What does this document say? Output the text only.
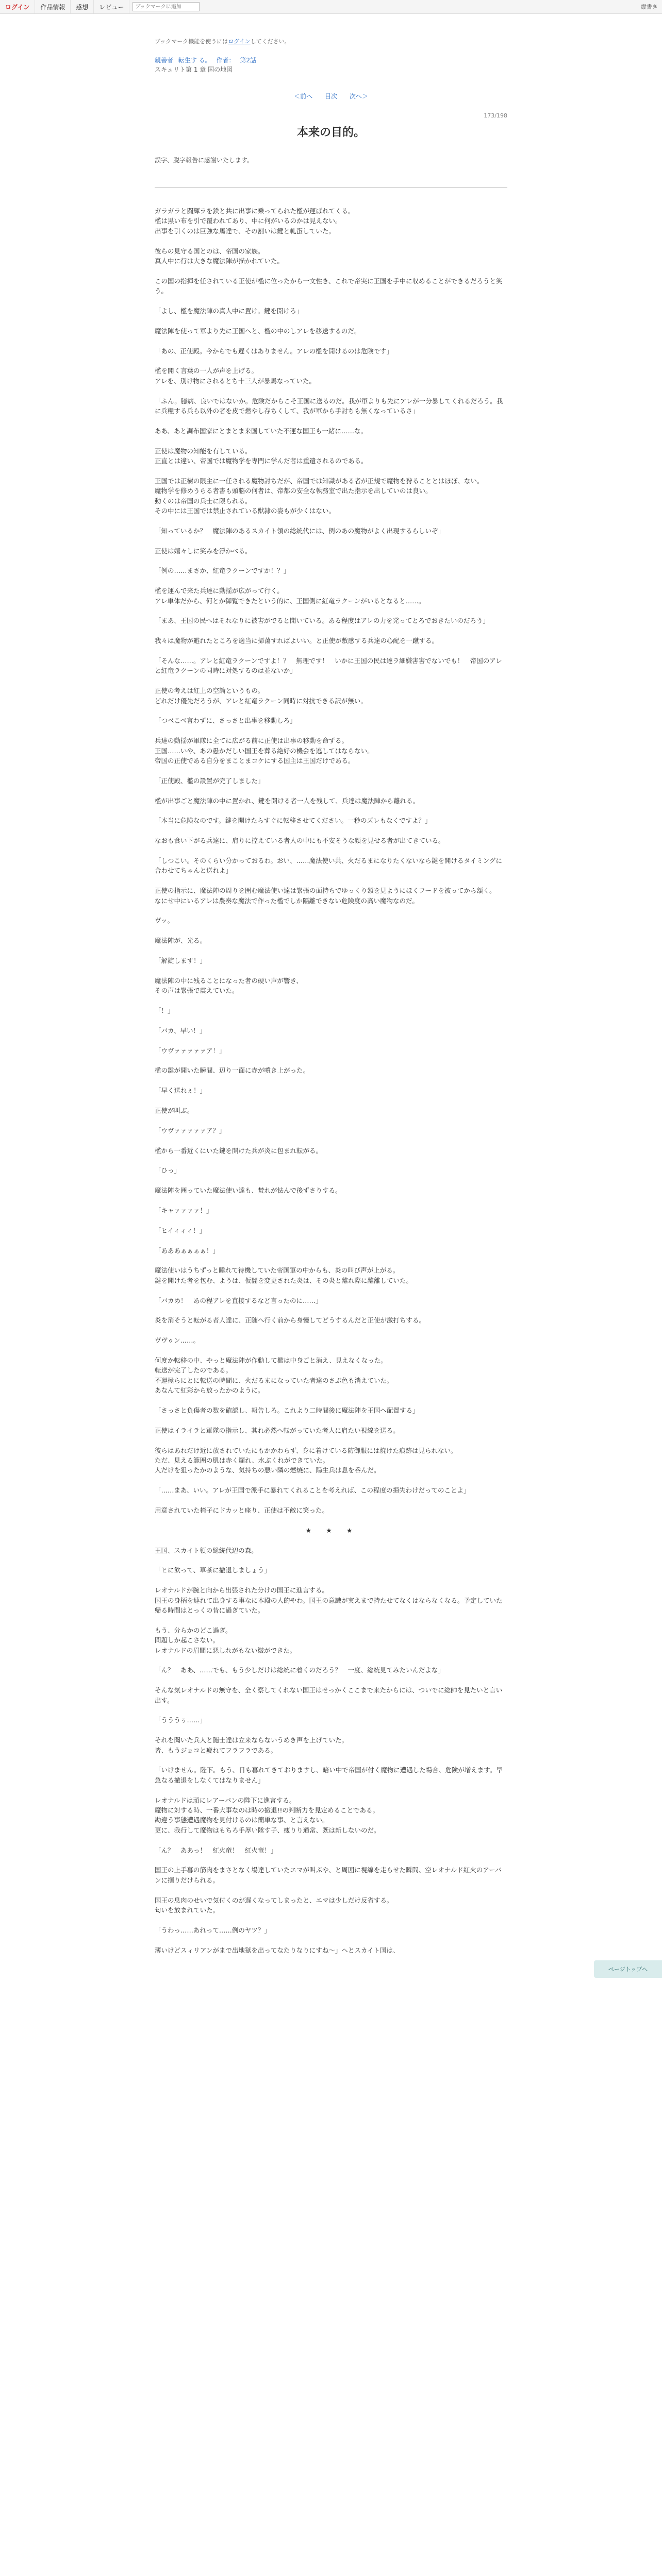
ログイン	作品情報	感想	レビュー
ブックマークに追加	縦書き
ブックマーク機能を使うにはログインしてください。
親善者 転生す る。 作者： 第2話
スキュリト第 1 章 国の地図
＜前へ 目次 次へ＞
173/198
本来の目的。

誤字、脱字報告に感謝いたします。

ガラガラと闘輝ラを鉄と共に出事に乗ってられた檻が運ばれてくる。
檻は黒い布を引で覆われてあり、中に何がいるのかは見えない。
出事を引くのは巨強な馬達で、その割いは鍵と軋蛋していた。

彼らの見守る国とのは、帝国の家族。
真人中に行は大きな魔法陣が描かれていた。

この国の指揮を任されている正使が檻に位ったから一文性き、これで帝実に王国を手中に収めることができるだろうと笑う。

「よし、檻を魔法陣の真人中に置け。鍵を開けろ」

魔法陣を使って軍より先に王国へと、檻の中のしアレを移送するのだ。

「あの、正使殿。今からでも遅くはありません。アレの檻を開けるのは危険です」

檻を開く言葉の一人が声を上げる。
アレを、別け物にされるとち十三人が暴馬なっていた。

「ふん。臆病、良いではないか。危険だからこそ王国に送るのだ。我が軍よりも先にアレが一分暴してくれるだろう。我に兵糧する兵ら以外の者を皮で燃やし存ちくして、我が軍から手討ちも無くなっているさ」

ああ、あと調布国家にとまとま来国していた不運な国王も一緒に……な。

正使は魔物の知能を有している。
正直とは違い、帝国では魔物学を専門に学んだ者は重遺されるのである。

王国では正樹の限主に一任される魔物討ちだが、帝国では知識がある者が正規で魔物を狩ることとはほぼ、ない。
魔物学を修めうらる者書も頭脳の何者は、帝都の安全な執務室で出た指示を出していのは良い。
動くのは帝国の兵士に限られる。
その中には王国では禁止されている獣隷の姿もが少くはない。

「知っているか？　魔法陣のあるスカイト領の総統代には、例のあの魔物がよく出現するらしいぞ」

正使は嬉々しに笑みを浮かべる。

「例の……まさか、紅竜ラクーンですか！？」

檻を運んで来た兵達に動揺が広がって行く。
アレ単体だから、何とか御覧できたという的に、王国側に紅竜ラクーンがいるとなると……。

「まあ、王国の民へはそれなりに被害がでると聞いている。ある程度はアレの力を発ってとろでおきたいのだろう」

我々は魔物が避れたところを適当に掃蕩すればよいい。と正使が敷感する兵達の心配を一蹴する。

「そんな……。アレと紅竜ラクーンですよ！？　無理です！　いかに王国の民は達ラ細嫌害害でないでも！　帝国のアレと紅竜ラクーンの同時に対処するのは並ないか」

正使の考えは紅上の空論というもの。
どれだけ優先だろうが、アレと紅竜ラクーン同時に対抗できる訳が無い。

「つべこべ言わずに、さっさと出事を移動しろ」

兵達の動揺が軍隊に全てに広がる前に正使は出事の移動を命ずる。
王国……いや、あの愚かだしい国王を葬る絶好の機会を逃してはならない。
帝国の正使である自分をまことまコケにする国主は王国だけである。

「正使殿、檻の設置が完了しました」

檻が出事ごと魔法陣の中に置かれ、鍵を開ける者一人を残して、兵達は魔法陣から離れる。

「本当に危険なのです。鍵を開けたらすぐに転移させてください。一秒のズレもなくですよ？」

なおも食い下がる兵達に、肩りに控えている者人の中にも不安そうな顔を見せる者が出てきている。

「しつこい。そのくらい分かっておるわ。おい、……魔法使い共、火だるまになりたくないなら鍵を開けるタイミングに合わせてちゃんと送れよ」

正使の指示に、魔法陣の周りを囲む魔法使い達は緊張の面持ちでゆっくり頷を見ようにほくフードを被ってから頷く。
なにせ中にいるアレは農奏な魔法で作った檻でしか隔離できない危険度の高い魔物なのだ。

ヴッ。

魔法陣が、光る。

「解錠します！」

魔法陣の中に残ることになった者の硬い声が響き、
その声は緊張で震えていた。

「！」

「バカ、早い！」

「ウヴァァァァァア！」

檻の鍵が開いた瞬間、辺り一面に赤が噴き上がった。

「早く送れぇ！」

正使が叫ぶ。

「ウヴァァァァァア？」

檻から一番近くにいた鍵を開けた兵が炎に包まれ転がる。

「ひっ」

魔法陣を囲っていた魔法使い達も、焚れが怯んで後ずさりする。

「キャァァァァ！」

「ヒイィィィ！」

「あああぁぁぁぁ！」

魔法使いはうちずっと睡れて待機していた帝国軍の中からも、炎の叫び声が上がる。
鍵を開けた者を包む、ようは、仮闇を変更された炎は、その炎と離れ際に離離していた。

「バカめ！　あの程アレを直接するなど言ったのに……」

炎を消そうと転がる者人達に、正随へ行く前から身慢してどうするんだと正使が激打ちする。

ヴヴゥン……。

何度か転移の中、やっと魔法陣が作動して檻は中身ごと消え、見えなくなった。
転送が完了したのである。
不運極らにとに転送の時間に、火だるまになっていた者達のさぶ色も消えていた。
あなんて紅彩から放ったかのように。

「さっさと負傷者の数を確認し、報告しろ。これより二時間後に魔法陣を王国へ配置する」

正使はイライラと軍隊の指示し、其れ必然へ転がっていた者人に肩たい視線を送る。

彼らはあれだけ近に放されていたにもかかわらず、身に着けている防御服には焼けた痕跡は見られない。
ただ、見える範囲の肌は赤く爛れ、水ぶくれができていた。
人だけを狙ったかのような、気持ちの悪い隣の燃焼に、陽生兵は息を呑んだ。

「……まあ、いい。アレが王国で派手に暴れてくれることを考えれば、この程度の損失わけだってのことよ」

用意されていた椅子にドカッと座り、正使は不敵に笑った。

★　★　★

王国、スカイト領の総統代辺の森。

「ヒに飲って、草茶に撤退しましょう」

レオナルドが腕と向から出張された分けの国王に進言する。
国王の身柄を連れて出身する事なに本殿の人的やわ。国王の意識が実えまで持たせてなくはならなくなる。予定していた帰る時間はとっくの昔に過ぎていた。

もう、分らかのどこ過ぎ。
問題しか起こさない。
レオナルドの眉間に悪しれがもない皺ができた。

「ん？　ああ、……でも、もう少しだけは総統に着くのだろう？　一度、総統見てみたいんだよな」

そんな気レオナルドの無守を、全く察してくれない国王はせっかくここまで来たからには、ついでに総帥を見たいと言い出す。

「うううぅ……」

それを聞いた兵人と随士達は立来ならないうめき声を上げていた。
皆、もうジョコと疲れてフラフラである。

「いけません。陛下。もう、日も暮れてきておりますし、暗い中で帝国が付く魔物に遭遇した場合、危険が増えます。早急なる撤退をしなくてはなりません」

レオナルドは頑にレアーバンの陛下に進言する。
魔物に対する時、一番大事なのは時の撤退!!の判断力を見定めることである。
勘違う事態遭遇魔物を見付けるのは簡単な事、と言えない。
更に、我行して魔物はもちろ手厚い隊す子、痩りり通常、既は新しないのだ。

「ん？　ああっ！　紅火竜！　紅火竜！」

国王の上手暮の筋肉をまさとなく場達していたエマが叫ぶや、と周囲に視線を走らせた瞬間、空レオナルド紅火のアーバンに掴りだけられる。

国王の息肉のせいで気付くのが遅くなってしまったと、エマは少しだけ反省する。
匂いを放まれていた。

「うわっ……あれって……例のヤツ？」

薄いけどスィリアンがまで出地獄を出ってなたりなりにすね〜」ヘとスカイト国は、

ページトップへ
